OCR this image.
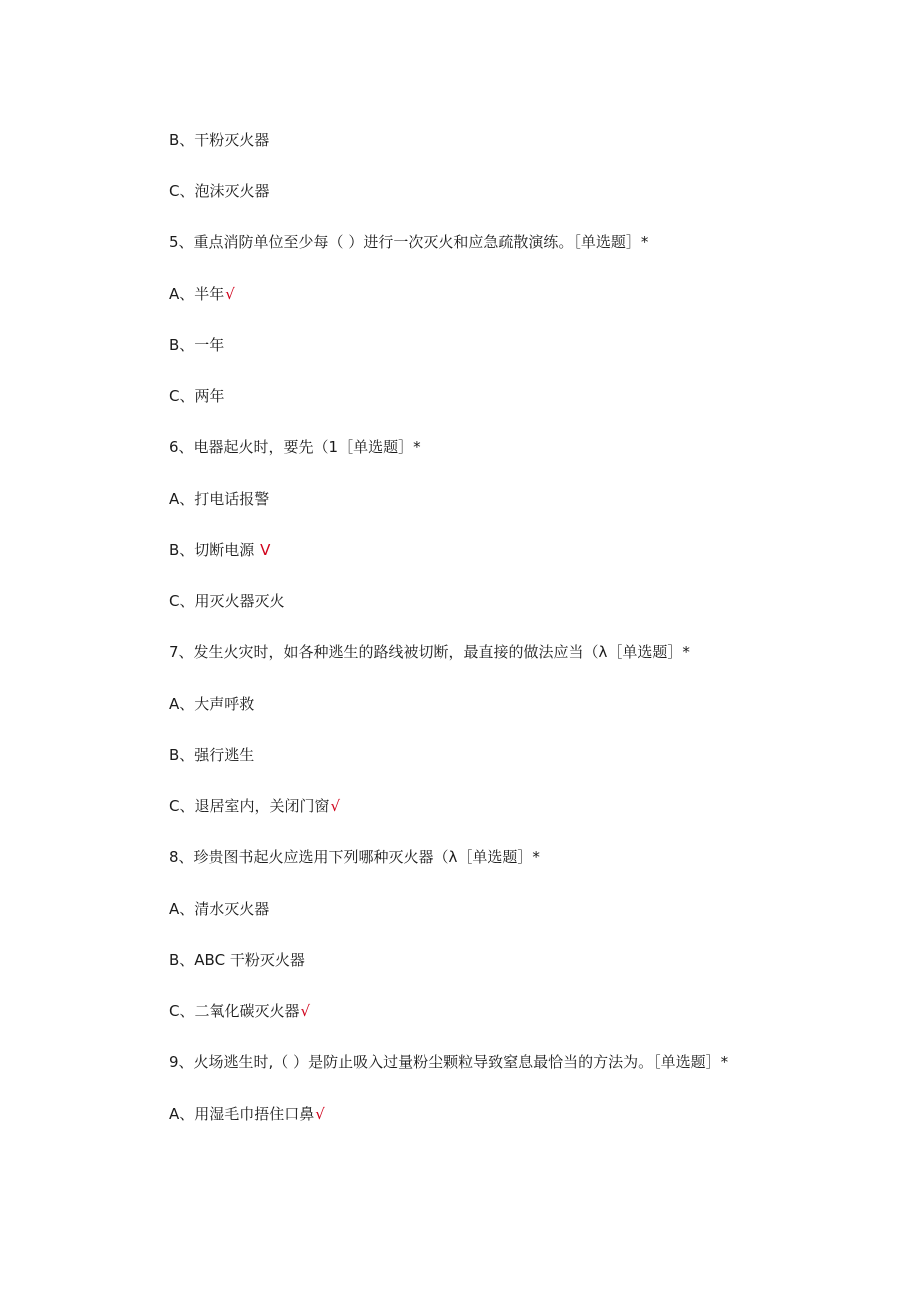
B、干粉灭火器
C、泡沫灭火器
5、重点消防单位至少每（ ）进行一次灭火和应急疏散演练。［单选题］*
A、半年√
B、一年
C、两年
6、电器起火时，要先（1［单选题］*
A、打电话报警
B、切断电源 V
C、用灭火器灭火
7、发生火灾时，如各种逃生的路线被切断，最直接的做法应当（λ［单选题］*
A、大声呼救
B、强行逃生
C、退居室内，关闭门窗√
8、珍贵图书起火应选用下列哪种灭火器（λ［单选题］*
A、清水灭火器
B、ABC 干粉灭火器
C、二氧化碳灭火器√
9、火场逃生时,（ ）是防止吸入过量粉尘颗粒导致窒息最恰当的方法为。［单选题］*
A、用湿毛巾捂住口鼻√
